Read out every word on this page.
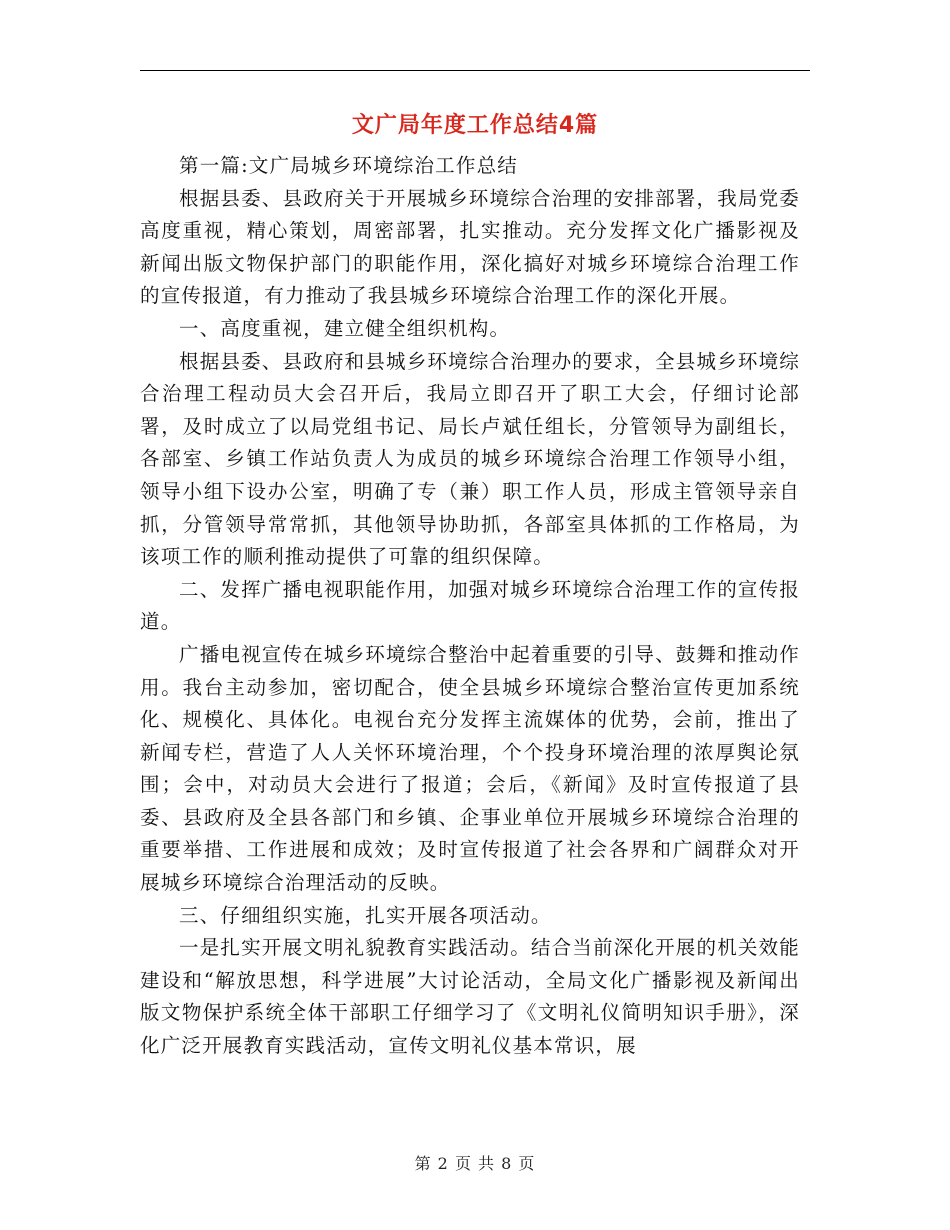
文广局年度工作总结4篇

第一篇:文广局城乡环境综治工作总结

根据县委、县政府关于开展城乡环境综合治理的安排部署，我局党委高度重视，精心策划，周密部署，扎实推动。充分发挥文化广播影视及新闻出版文物保护部门的职能作用，深化搞好对城乡环境综合治理工作的宣传报道，有力推动了我县城乡环境综合治理工作的深化开展。

一、高度重视，建立健全组织机构。

根据县委、县政府和县城乡环境综合治理办的要求，全县城乡环境综合治理工程动员大会召开后，我局立即召开了职工大会，仔细讨论部署，及时成立了以局党组书记、局长卢斌任组长，分管领导为副组长，各部室、乡镇工作站负责人为成员的城乡环境综合治理工作领导小组，领导小组下设办公室，明确了专（兼）职工作人员，形成主管领导亲自抓，分管领导常常抓，其他领导协助抓，各部室具体抓的工作格局，为该项工作的顺利推动提供了可靠的组织保障。

二、发挥广播电视职能作用，加强对城乡环境综合治理工作的宣传报道。

广播电视宣传在城乡环境综合整治中起着重要的引导、鼓舞和推动作用。我台主动参加，密切配合，使全县城乡环境综合整治宣传更加系统化、规模化、具体化。电视台充分发挥主流媒体的优势，会前，推出了新闻专栏，营造了人人关怀环境治理，个个投身环境治理的浓厚舆论氛围；会中，对动员大会进行了报道；会后，《新闻》及时宣传报道了县委、县政府及全县各部门和乡镇、企事业单位开展城乡环境综合治理的重要举措、工作进展和成效；及时宣传报道了社会各界和广阔群众对开展城乡环境综合治理活动的反映。

三、仔细组织实施，扎实开展各项活动。

一是扎实开展文明礼貌教育实践活动。结合当前深化开展的机关效能建设和“解放思想，科学进展”大讨论活动，全局文化广播影视及新闻出版文物保护系统全体干部职工仔细学习了《文明礼仪简明知识手册》，深化广泛开展教育实践活动，宣传文明礼仪基本常识，展

第 2 页 共 8 页
